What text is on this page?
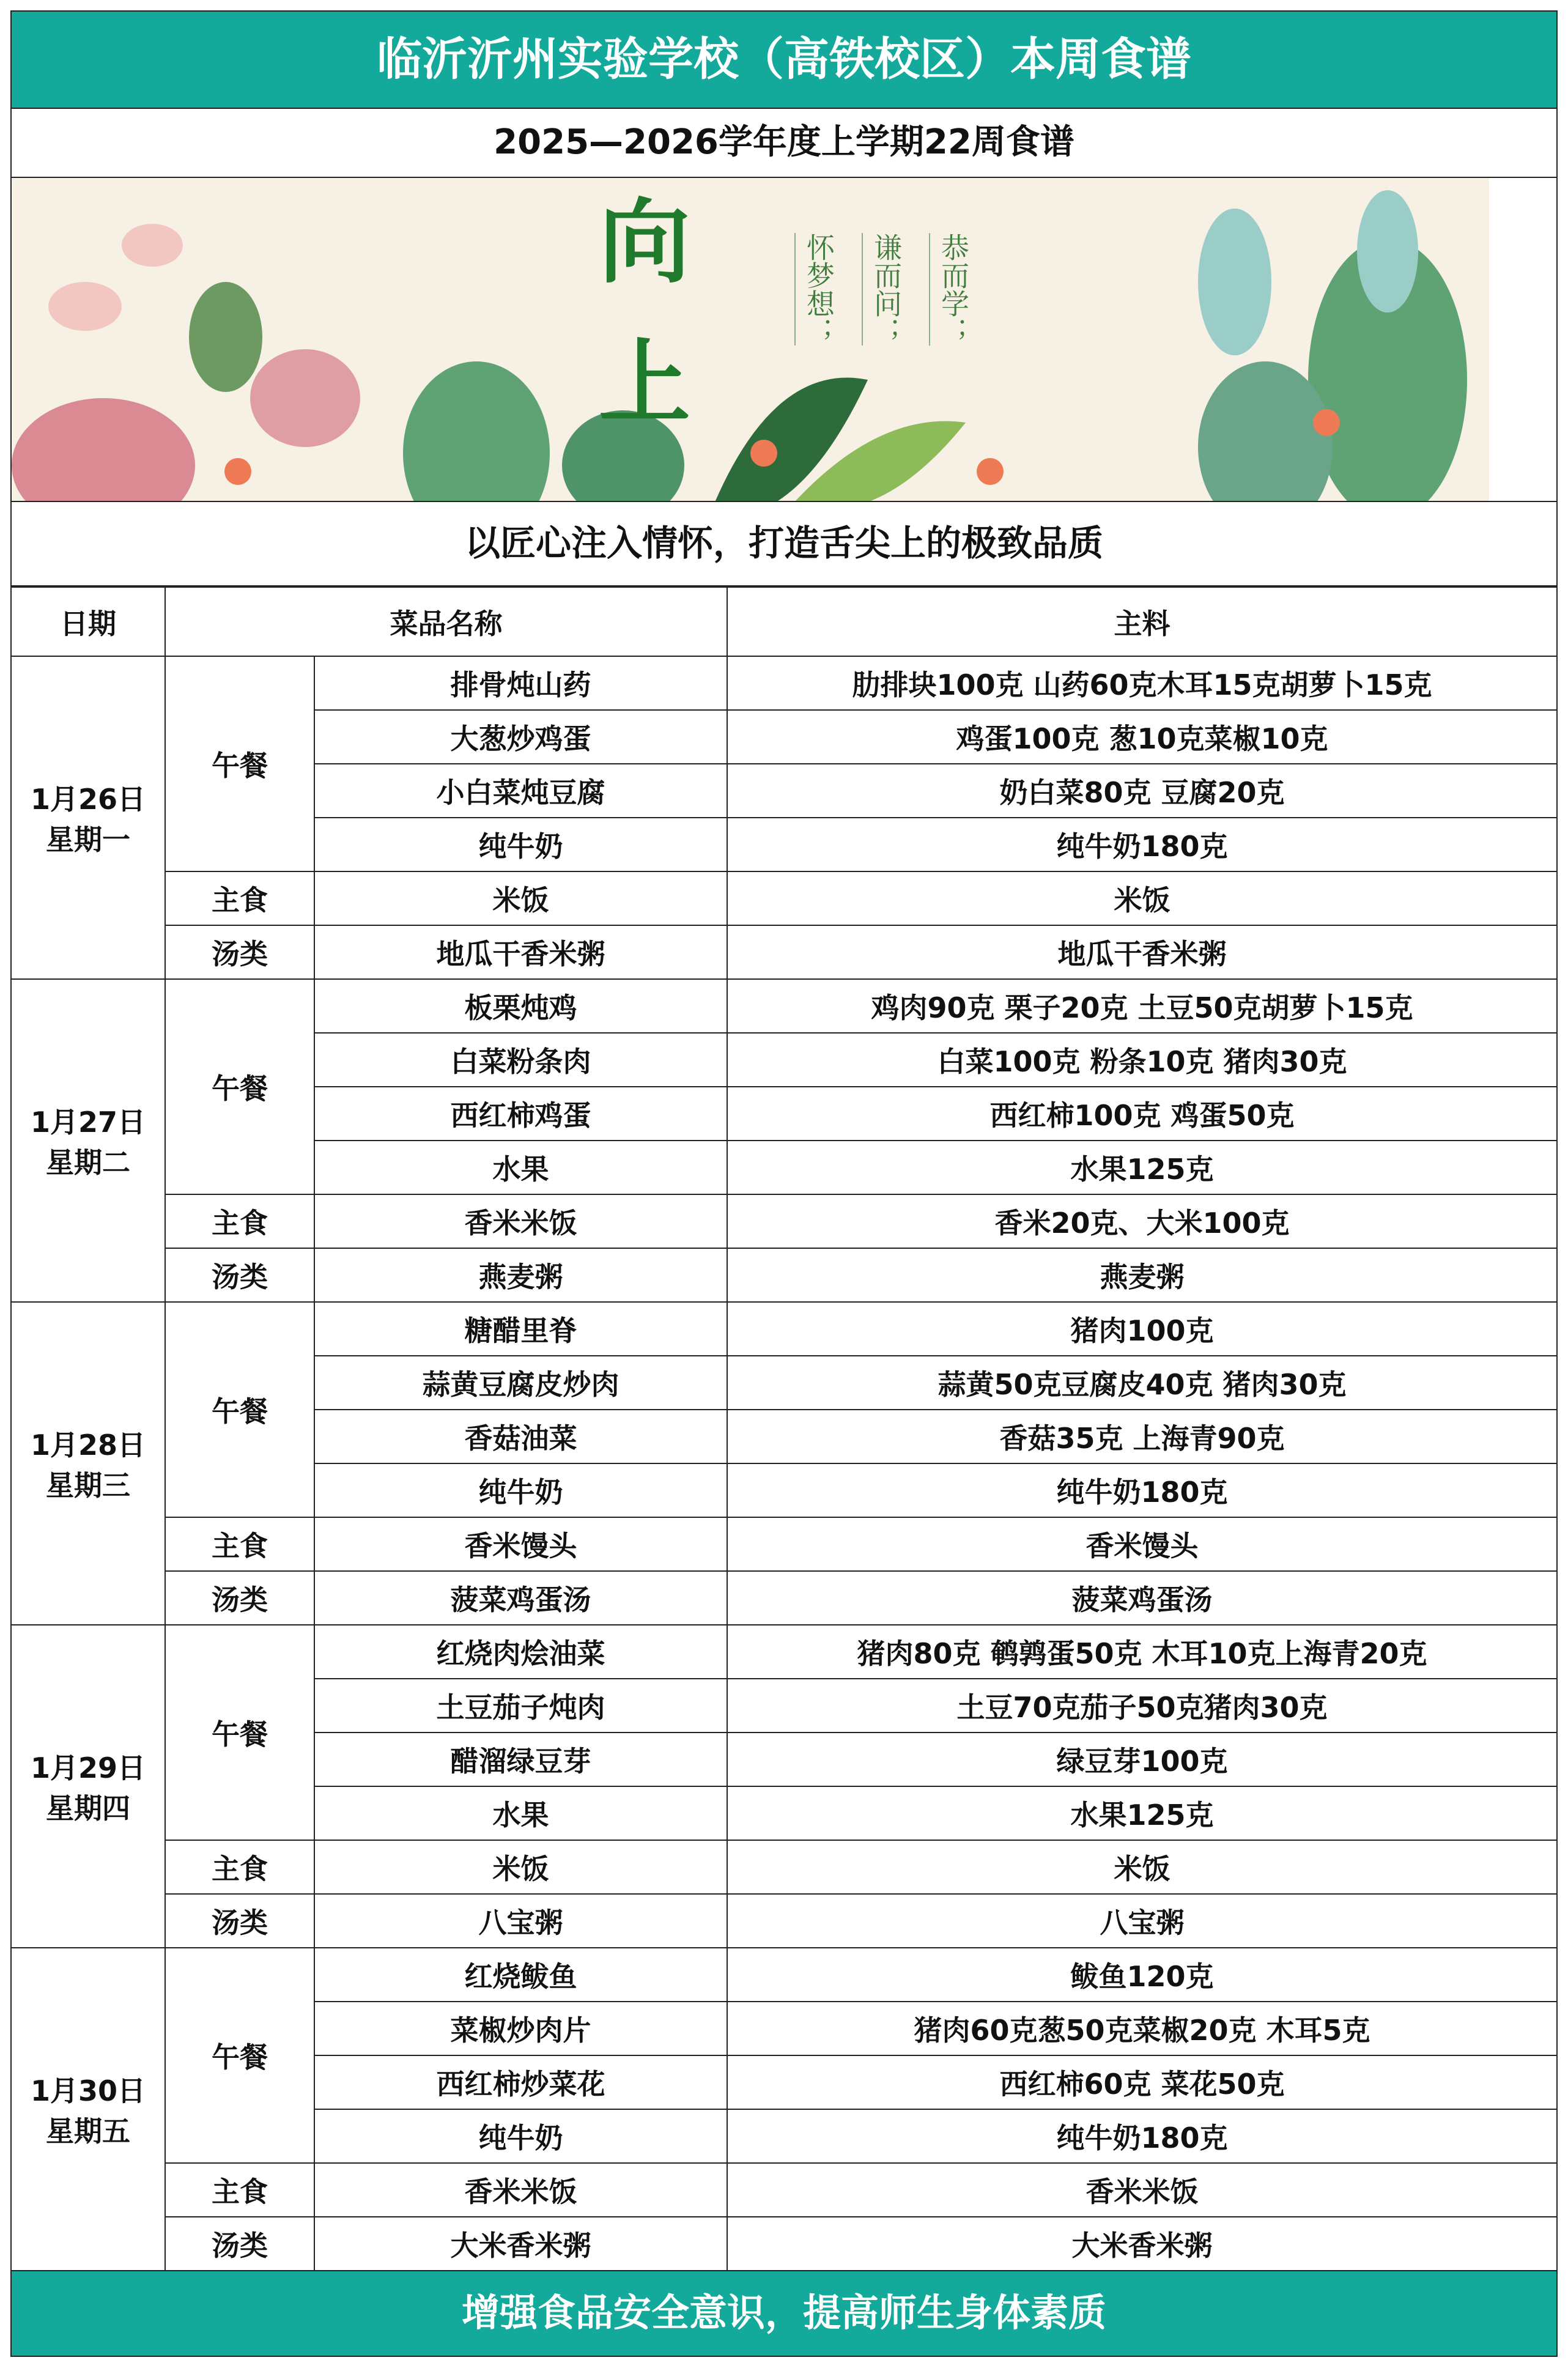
临沂沂州实验学校（高铁校区）本周食谱
2025—2026学年度上学期22周食谱
向
上
恭而学；
谦而问；
怀梦想；
以匠心注入情怀，打造舌尖上的极致品质
日期	菜品名称		主料

1月26日
星期一	午餐	排骨炖山药	肋排块100克 山药60克木耳15克胡萝卜15克
		大葱炒鸡蛋	鸡蛋100克 葱10克菜椒10克
		小白菜炖豆腐	奶白菜80克 豆腐20克
		纯牛奶	纯牛奶180克
	主食	米饭	米饭
	汤类	地瓜干香米粥	地瓜干香米粥

1月27日
星期二	午餐	板栗炖鸡	鸡肉90克 栗子20克 土豆50克胡萝卜15克
		白菜粉条肉	白菜100克 粉条10克 猪肉30克
		西红柿鸡蛋	西红柿100克 鸡蛋50克
		水果	水果125克
	主食	香米米饭	香米20克、大米100克
	汤类	燕麦粥	燕麦粥

1月28日
星期三	午餐	糖醋里脊	猪肉100克
		蒜黄豆腐皮炒肉	蒜黄50克豆腐皮40克 猪肉30克
		香菇油菜	香菇35克 上海青90克
		纯牛奶	纯牛奶180克
	主食	香米馒头	香米馒头
	汤类	菠菜鸡蛋汤	菠菜鸡蛋汤

1月29日
星期四	午餐	红烧肉烩油菜	猪肉80克 鹌鹑蛋50克 木耳10克上海青20克
		土豆茄子炖肉	土豆70克茄子50克猪肉30克
		醋溜绿豆芽	绿豆芽100克
		水果	水果125克
	主食	米饭	米饭
	汤类	八宝粥	八宝粥

1月30日
星期五	午餐	红烧鲅鱼	鲅鱼120克
		菜椒炒肉片	猪肉60克葱50克菜椒20克 木耳5克
		西红柿炒菜花	西红柿60克 菜花50克
		纯牛奶	纯牛奶180克
	主食	香米米饭	香米米饭
	汤类	大米香米粥	大米香米粥
增强食品安全意识，提高师生身体素质
